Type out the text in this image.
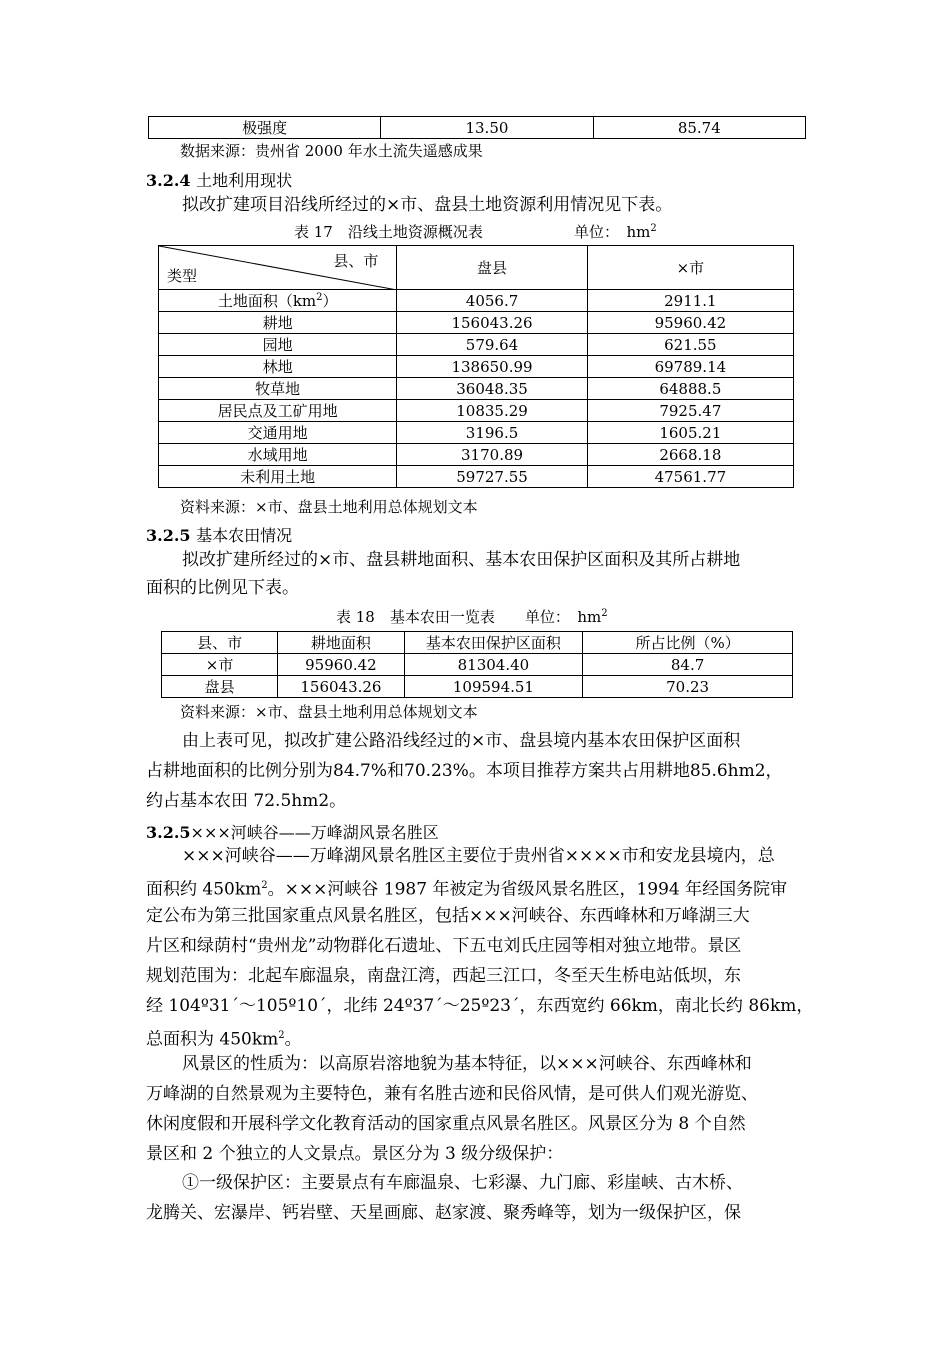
极强度	13.50	85.74
数据来源：贵州省 2000 年水土流失遥感成果
3.2.4 土地利用现状
拟改扩建项目沿线所经过的×市、盘县土地资源利用情况见下表。
表 17　沿线土地资源概况表	单位：　$hm^2$
县、市
类型	盘县	×市
土地面积$(km^2)$	4056.7	2911.1
耕地	156043.26	95960.42
园地	579.64	621.55
林地	138650.99	69789.14
牧草地	36048.35	64888.5
居民点及工矿用地	10835.29	7925.47
交通用地	3196.5	1605.21
水域用地	3170.89	2668.18
未利用土地	59727.55	47561.77
资料来源：×市、盘县土地利用总体规划文本
3.2.5 基本农田情况
拟改扩建所经过的×市、盘县耕地面积、基本农田保护区面积及其所占耕地
面积的比例见下表。
表 18　基本农田一览表　　单位：　$hm^2$
县、市	耕地面积	基本农田保护区面积	所占比例（%）
×市	95960.42	81304.40	84.7
盘县	156043.26	109594.51	70.23
资料来源：×市、盘县土地利用总体规划文本
由上表可见，拟改扩建公路沿线经过的×市、盘县境内基本农田保护区面积
占耕地面积的比例分别为84.7%和70.23%。本项目推荐方案共占用耕地85.6hm2，
约占基本农田 72.5hm2。
3.2.5×××河峡谷——万峰湖风景名胜区
×××河峡谷——万峰湖风景名胜区主要位于贵州省××××市和安龙县境内，总
面积约 $450km^2$。×××河峡谷 1987 年被定为省级风景名胜区，1994 年经国务院审
定公布为第三批国家重点风景名胜区，包括×××河峡谷、东西峰林和万峰湖三大
片区和绿荫村“贵州龙”动物群化石遗址、下五屯刘氏庄园等相对独立地带。景区
规划范围为：北起车廊温泉，南盘江湾，西起三江口，冬至天生桥电站低坝，东
经 104º31´～105º10´，北纬 24º37´～25º23´，东西宽约 66km，南北长约 86km，
总面积为 $450km^2$。
风景区的性质为：以高原岩溶地貌为基本特征，以×××河峡谷、东西峰林和
万峰湖的自然景观为主要特色，兼有名胜古迹和民俗风情，是可供人们观光游览、
休闲度假和开展科学文化教育活动的国家重点风景名胜区。风景区分为 8 个自然
景区和 2 个独立的人文景点。景区分为 3 级分级保护：
①一级保护区：主要景点有车廊温泉、七彩瀑、九门廊、彩崖峡、古木桥、
龙腾关、宏瀑岸、钙岩壁、天星画廊、赵家渡、聚秀峰等，划为一级保护区，保
